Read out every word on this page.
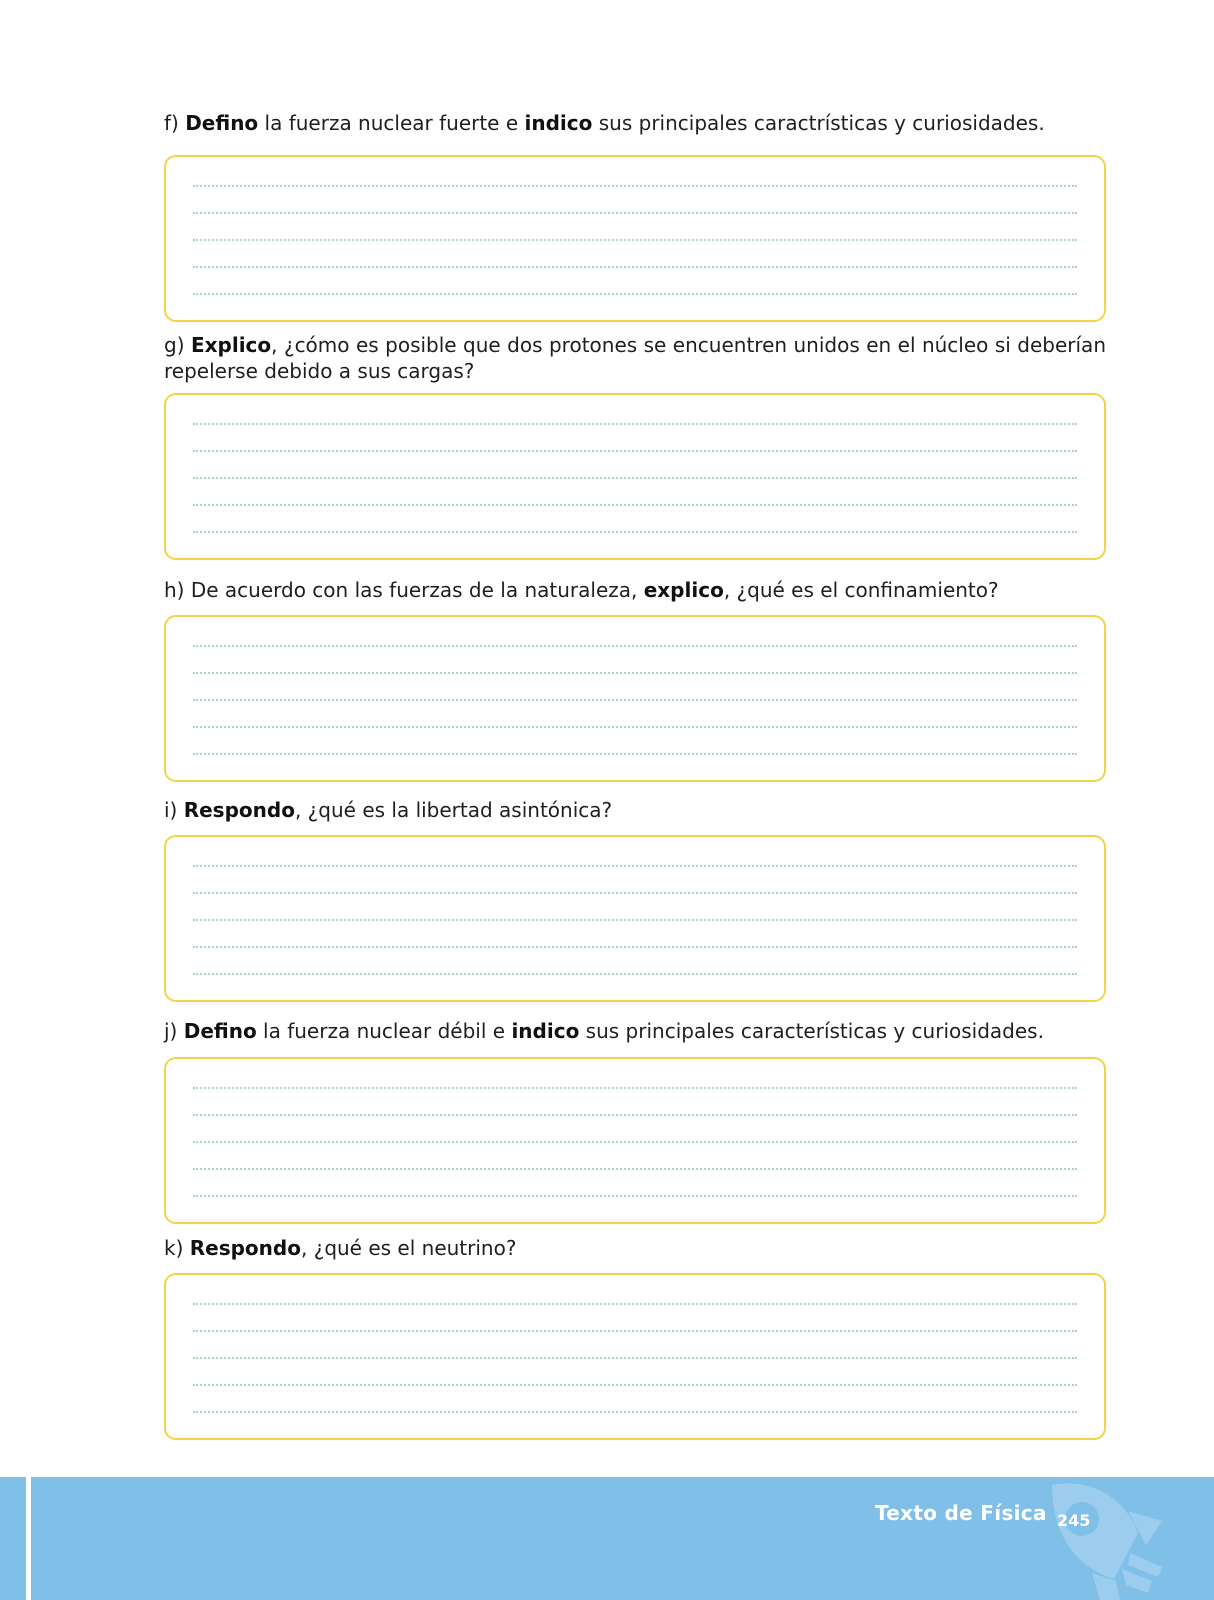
f) Defino la fuerza nuclear fuerte e indico sus principales caractrísticas y curiosidades.
g) Explico, ¿cómo es posible que dos protones se encuentren unidos en el núcleo si deberían repelerse debido a sus cargas?
h) De acuerdo con las fuerzas de la naturaleza, explico, ¿qué es el confinamiento?
i) Respondo, ¿qué es la libertad asintónica?
j) Defino la fuerza nuclear débil e indico sus principales características y curiosidades.
k) Respondo, ¿qué es el neutrino?
Texto de Física 245
